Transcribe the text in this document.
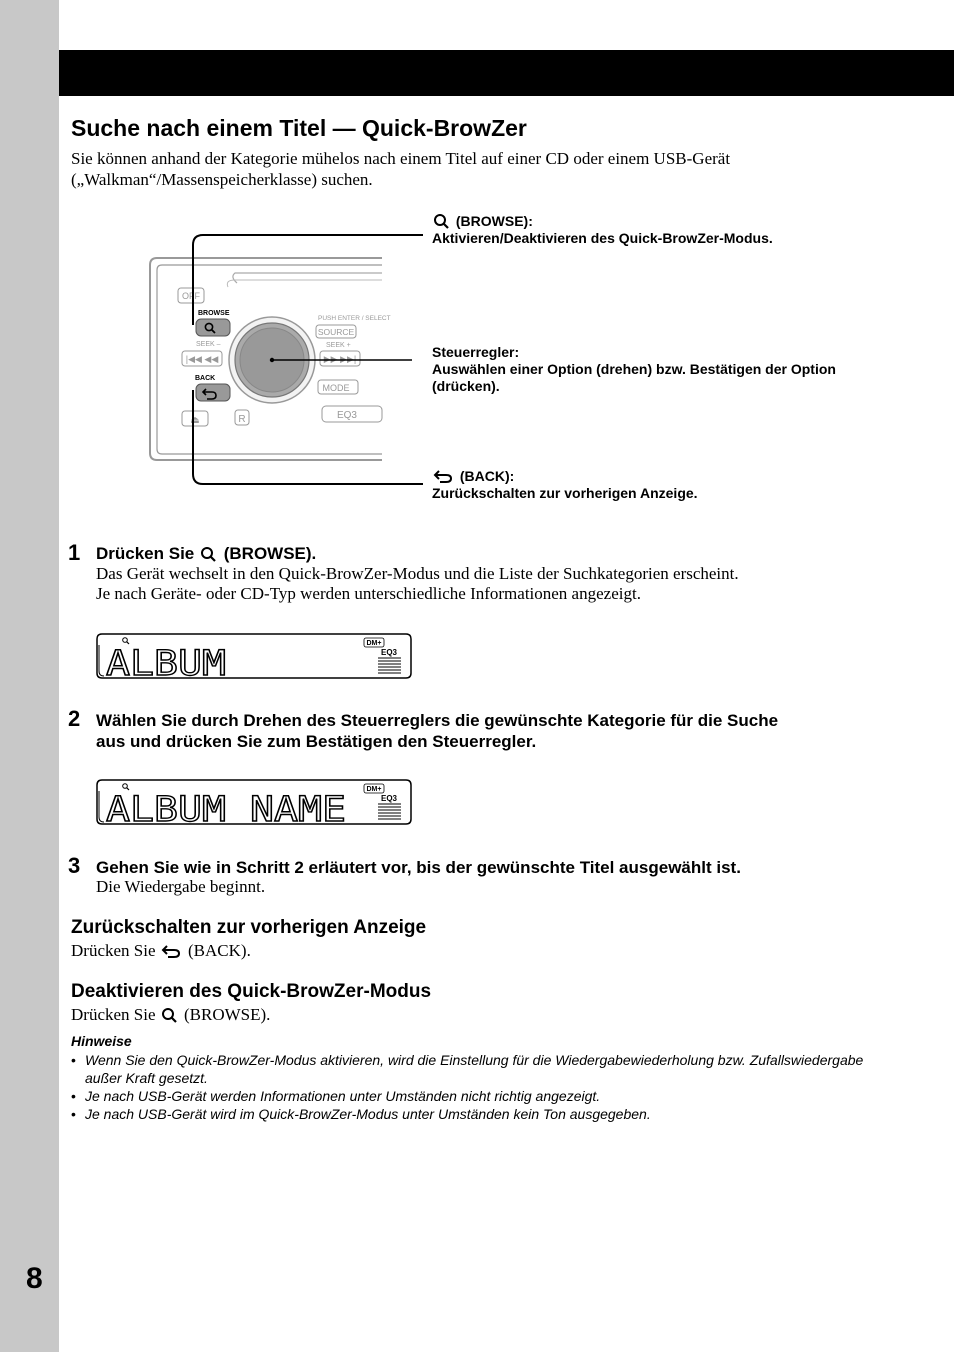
8
Suche nach einem Titel — Quick-BrowZer
Sie können anhand der Kategorie mühelos nach einem Titel auf einer CD oder einem USB-Gerät
(„Walkman“/Massenspeicherklasse) suchen.
OFF
BROWSE
SEEK –
|◀◀ ◀◀
BACK
⏏	R
PUSH ENTER / SELECT
SOURCE
SEEK +
▶▶ ▶▶|
MODE
EQ3
(BROWSE):
Aktivieren/Deaktivieren des Quick-BrowZer-Modus.
Steuerregler:
Auswählen einer Option (drehen) bzw. Bestätigen der Option (drücken).
(BACK):
Zurückschalten zur vorherigen Anzeige.
1 Drücken Sie (BROWSE).
Das Gerät wechselt in den Quick-BrowZer-Modus und die Liste der Suchkategorien erscheint.
Je nach Geräte- oder CD-Typ werden unterschiedliche Informationen angezeigt.
ALBUM
DM+
EQ3
2 Wählen Sie durch Drehen des Steuerreglers die gewünschte Kategorie für die Suche
aus und drücken Sie zum Bestätigen den Steuerregler.
ALBUM NAME
DM+
EQ3
3 Gehen Sie wie in Schritt 2 erläutert vor, bis der gewünschte Titel ausgewählt ist.
Die Wiedergabe beginnt.
Zurückschalten zur vorherigen Anzeige
Drücken Sie (BACK).
Deaktivieren des Quick-BrowZer-Modus
Drücken Sie (BROWSE).
Hinweise
• Wenn Sie den Quick-BrowZer-Modus aktivieren, wird die Einstellung für die Wiedergabewiederholung bzw. Zufallswiedergabe außer Kraft gesetzt.
• Je nach USB-Gerät werden Informationen unter Umständen nicht richtig angezeigt.
• Je nach USB-Gerät wird im Quick-BrowZer-Modus unter Umständen kein Ton ausgegeben.
